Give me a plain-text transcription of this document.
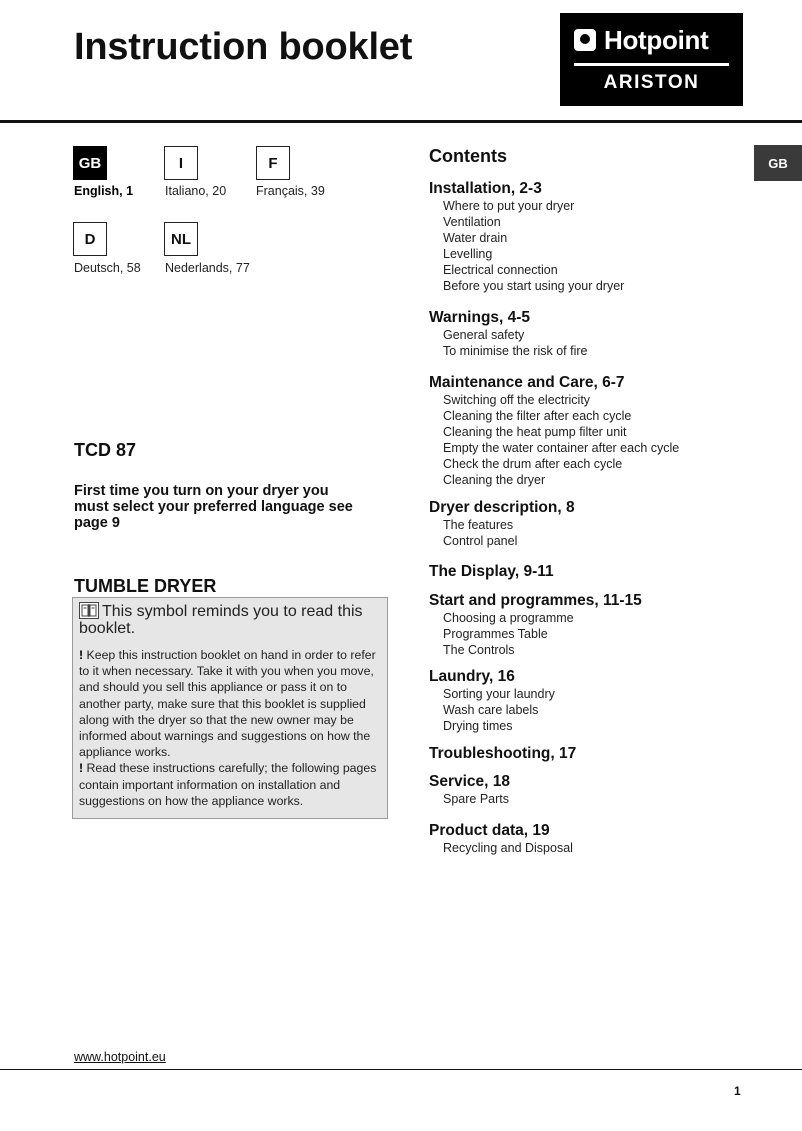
Instruction booklet	Hotpoint
ARISTON
GB
English, 1
I
Italiano, 20
F
Français, 39
D
Deutsch, 58
NL
Nederlands, 77
TCD 87
First time you turn on your dryer you must select your preferred language see page 9
TUMBLE DRYER
This symbol reminds you to read this booklet.

! Keep this instruction booklet on hand in order to refer to it when necessary. Take it with you when you move, and should you sell this appliance or pass it on to another party, make sure that this booklet is supplied along with the dryer so that the new owner may be informed about warnings and suggestions on how the appliance works.

! Read these instructions carefully; the following pages contain important information on installation and suggestions on how the appliance works.

Contents
Installation, 2-3
Where to put your dryer
Ventilation
Water drain
Levelling
Electrical connection
Before you start using your dryer
Warnings, 4-5
General safety
To minimise the risk of fire
Maintenance and Care, 6-7
Switching off the electricity
Cleaning the filter after each cycle
Cleaning the heat pump filter unit
Empty the water container after each cycle
Check the drum after each cycle
Cleaning the dryer
Dryer description, 8
The features
Control panel
The Display, 9-11
Start and programmes, 11-15
Choosing a programme
Programmes Table
The Controls
Laundry, 16
Sorting your laundry
Wash care labels
Drying times
Troubleshooting, 17
Service, 18
Spare Parts
Product data, 19
Recycling and Disposal
GB
www.hotpoint.eu
1
